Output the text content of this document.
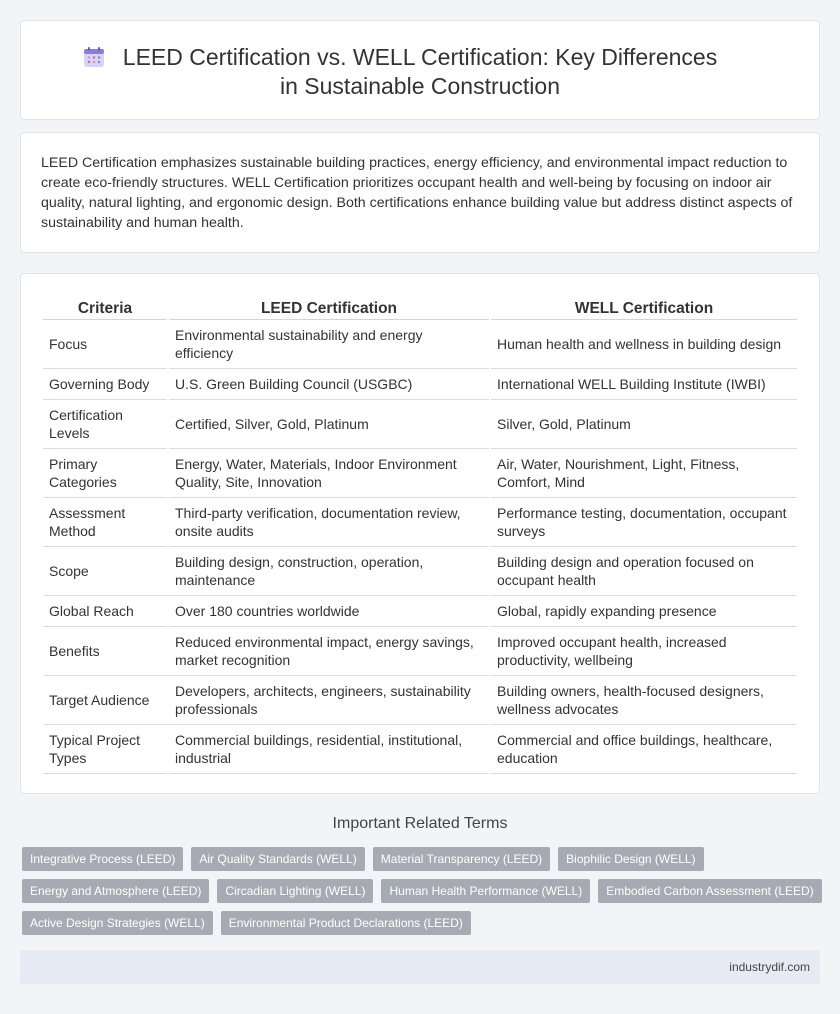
LEED Certification vs. WELL Certification: Key Differences in Sustainable Construction

LEED Certification emphasizes sustainable building practices, energy efficiency, and environmental impact reduction to create eco-friendly structures. WELL Certification prioritizes occupant health and well-being by focusing on indoor air quality, natural lighting, and ergonomic design. Both certifications enhance building value but address distinct aspects of sustainability and human health.

Criteria	LEED Certification	WELL Certification
Focus	Environmental sustainability and energy efficiency	Human health and wellness in building design
Governing Body	U.S. Green Building Council (USGBC)	International WELL Building Institute (IWBI)
Certification Levels	Certified, Silver, Gold, Platinum	Silver, Gold, Platinum
Primary Categories	Energy, Water, Materials, Indoor Environment Quality, Site, Innovation	Air, Water, Nourishment, Light, Fitness, Comfort, Mind
Assessment Method	Third-party verification, documentation review, onsite audits	Performance testing, documentation, occupant surveys
Scope	Building design, construction, operation, maintenance	Building design and operation focused on occupant health
Global Reach	Over 180 countries worldwide	Global, rapidly expanding presence
Benefits	Reduced environmental impact, energy savings, market recognition	Improved occupant health, increased productivity, wellbeing
Target Audience	Developers, architects, engineers, sustainability professionals	Building owners, health-focused designers, wellness advocates
Typical Project Types	Commercial buildings, residential, institutional, industrial	Commercial and office buildings, healthcare, education
Important Related Terms
Integrative Process (LEED)	Air Quality Standards (WELL)	Material Transparency (LEED)	Biophilic Design (WELL)
Energy and Atmosphere (LEED)	Circadian Lighting (WELL)	Human Health Performance (WELL)	Embodied Carbon Assessment (LEED)
Active Design Strategies (WELL)	Environmental Product Declarations (LEED)
industrydif.com
